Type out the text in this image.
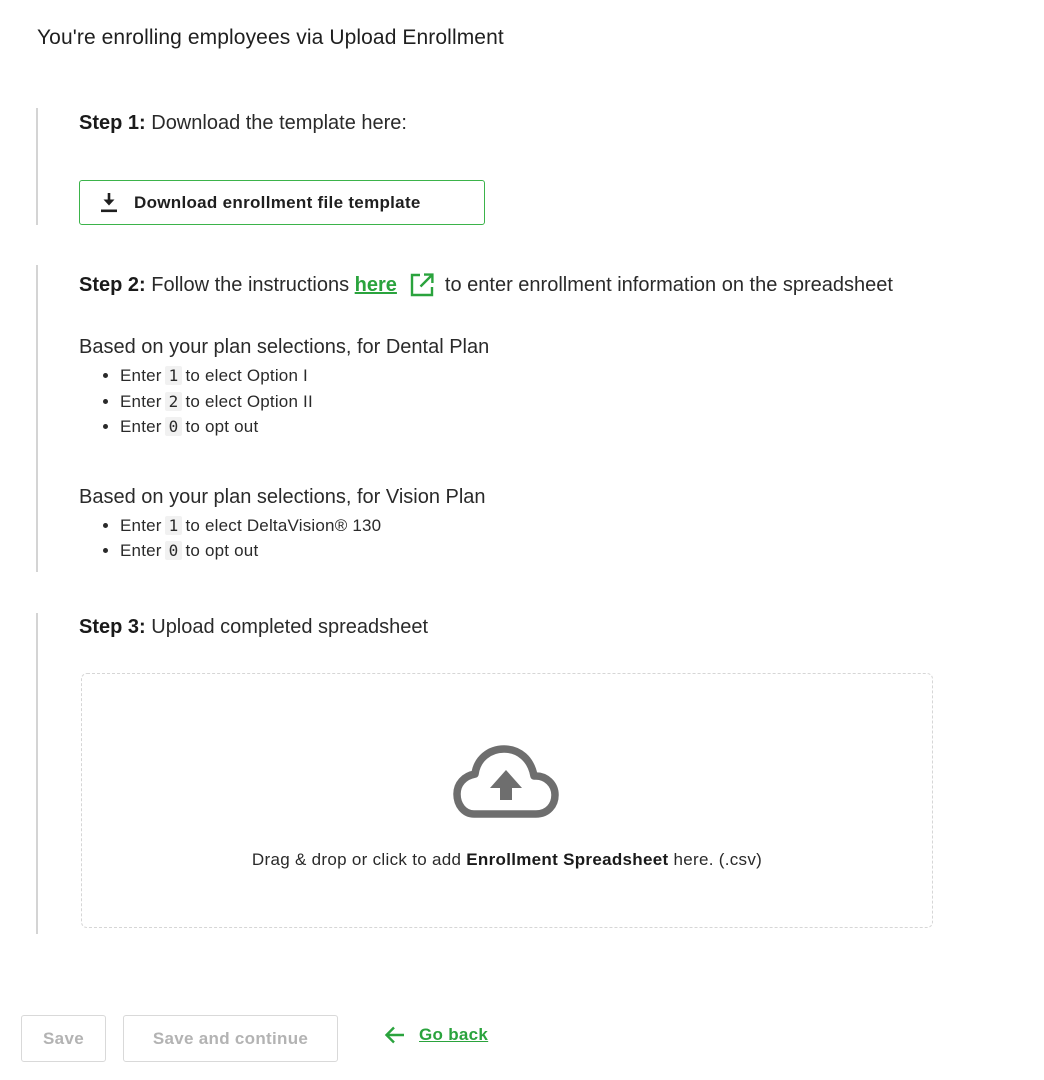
You're enrolling employees via Upload Enrollment

Step 1: Download the template here:

Download enrollment file template

Step 2: Follow the instructions here to enter enrollment information on the spreadsheet

Based on your plan selections, for Dental Plan

• Enter 1 to elect Option I
• Enter 2 to elect Option II
• Enter 0 to opt out

Based on your plan selections, for Vision Plan

• Enter 1 to elect DeltaVision® 130
• Enter 0 to opt out

Step 3: Upload completed spreadsheet

Drag & drop or click to add Enrollment Spreadsheet here. (.csv)
Save	Save and continue	Go back
